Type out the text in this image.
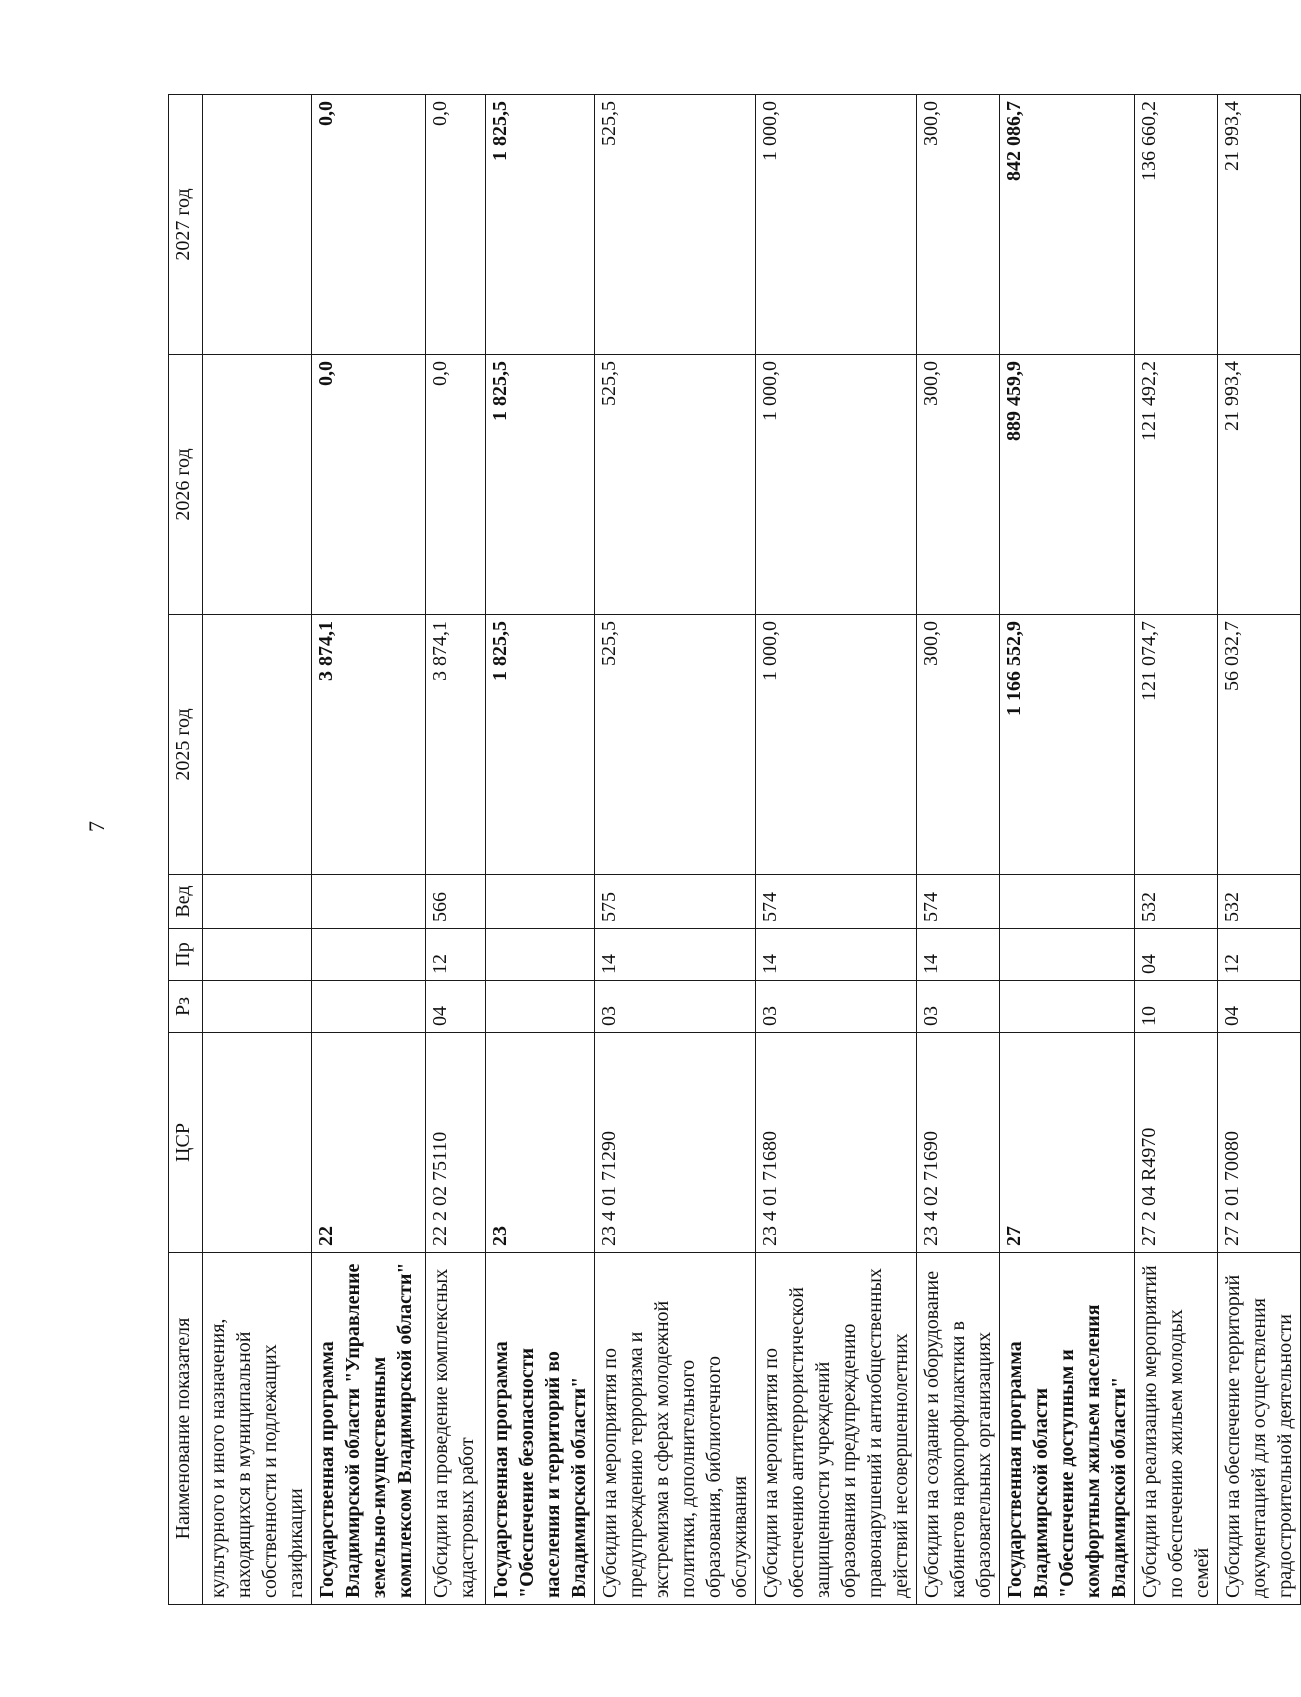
7
Наименование показателя	ЦСР	Рз	Пр	Вед	2025 год	2026 год	2027 год
культурного и иного назначения, находящихся в муниципальной собственности и подлежащих газификации							
Государственная программа Владимирской области "Управление земельно-имущественным комплексом Владимирской области"	22				3 874,1	0,0	0,0
Субсидии на проведение комплексных кадастровых работ	22 2 02 75110	04	12	566	3 874,1	0,0	0,0
Государственная программа "Обеспечение безопасности населения и территорий во Владимирской области"	23				1 825,5	1 825,5	1 825,5
Субсидии на мероприятия по предупреждению терроризма и экстремизма в сферах молодежной политики, дополнительного образования, библиотечного обслуживания	23 4 01 71290	03	14	575	525,5	525,5	525,5
Субсидии на мероприятия по обеспечению антитеррористической защищенности учреждений образования и предупреждению правонарушений и антиобщественных действий несовершеннолетних	23 4 01 71680	03	14	574	1 000,0	1 000,0	1 000,0
Субсидии на создание и оборудование кабинетов наркопрофилактики в образовательных организациях	23 4 02 71690	03	14	574	300,0	300,0	300,0
Государственная программа Владимирской области "Обеспечение доступным и комфортным жильем населения Владимирской области"	27				1 166 552,9	889 459,9	842 086,7
Субсидии на реализацию мероприятий по обеспечению жильем молодых семей	27 2 04 R4970	10	04	532	121 074,7	121 492,2	136 660,2
Субсидии на обеспечение территорий документацией для осуществления градостроительной деятельности	27 2 01 70080	04	12	532	56 032,7	21 993,4	21 993,4
